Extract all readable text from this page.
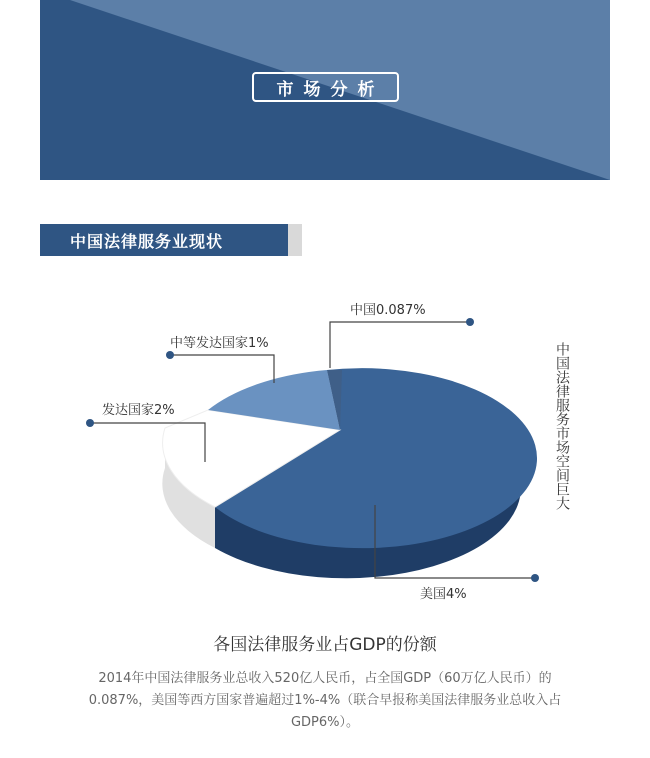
市场分析
中国法律服务业现状
中国0.087%
中等发达国家1%
发达国家2%
美国4%
中国法律服务市场空间巨大
各国法律服务业占GDP的份额
2014年中国法律服务业总收入520亿人民币，占全国GDP（60万亿人民币）的0.087%，美国等西方国家普遍超过1%-4%（联合早报称美国法律服务业总收入占GDP6%）。
